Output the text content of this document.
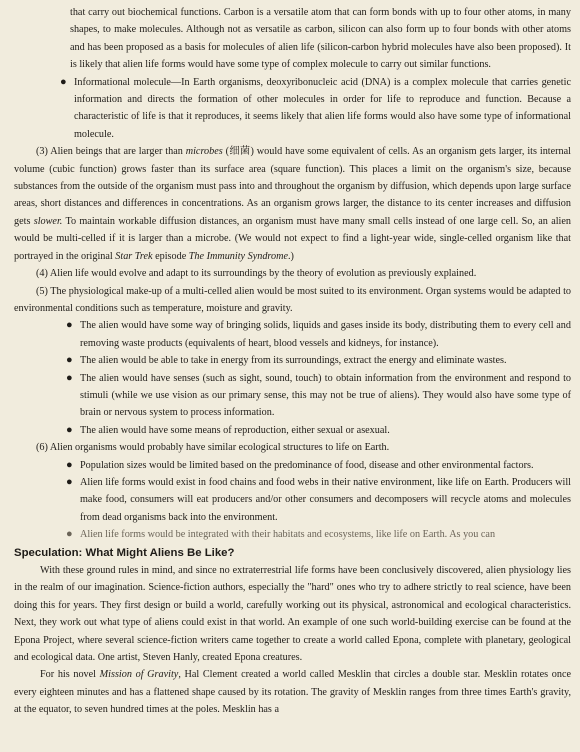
that carry out biochemical functions. Carbon is a versatile atom that can form bonds with up to four other atoms, in many shapes, to make molecules. Although not as versatile as carbon, silicon can also form up to four bonds with other atoms and has been proposed as a basis for molecules of alien life (silicon-carbon hybrid molecules have also been proposed). It is likely that alien life forms would have some type of complex molecule to carry out similar functions.

● Informational molecule—In Earth organisms, deoxyribonucleic acid (DNA) is a complex molecule that carries genetic information and directs the formation of other molecules in order for life to reproduce and function. Because a characteristic of life is that it reproduces, it seems likely that alien life forms would also have some type of informational molecule.

(3) Alien beings that are larger than microbes (细菌) would have some equivalent of cells. As an organism gets larger, its internal volume (cubic function) grows faster than its surface area (square function). This places a limit on the organism's size, because substances from the outside of the organism must pass into and throughout the organism by diffusion, which depends upon large surface areas, short distances and differences in concentrations. As an organism grows larger, the distance to its center increases and diffusion gets slower. To maintain workable diffusion distances, an organism must have many small cells instead of one large cell. So, an alien would be multi-celled if it is larger than a microbe. (We would not expect to find a light-year wide, single-celled organism like that portrayed in the original Star Trek episode The Immunity Syndrome.)

(4) Alien life would evolve and adapt to its surroundings by the theory of evolution as previously explained.

(5) The physiological make-up of a multi-celled alien would be most suited to its environment. Organ systems would be adapted to environmental conditions such as temperature, moisture and gravity.

● The alien would have some way of bringing solids, liquids and gases inside its body, distributing them to every cell and removing waste products (equivalents of heart, blood vessels and kidneys, for instance).

● The alien would be able to take in energy from its surroundings, extract the energy and eliminate wastes.

● The alien would have senses (such as sight, sound, touch) to obtain information from the environment and respond to stimuli (while we use vision as our primary sense, this may not be true of aliens). They would also have some type of brain or nervous system to process information.

● The alien would have some means of reproduction, either sexual or asexual.

(6) Alien organisms would probably have similar ecological structures to life on Earth.

● Population sizes would be limited based on the predominance of food, disease and other environmental factors.

● Alien life forms would exist in food chains and food webs in their native environment, like life on Earth. Producers will make food, consumers will eat producers and/or other consumers and decomposers will recycle atoms and molecules from dead organisms back into the environment.

● Alien life forms would be integrated with their habitats and ecosystems, like life on Earth. As you can

Speculation: What Might Aliens Be Like?

With these ground rules in mind, and since no extraterrestrial life forms have been conclusively discovered, alien physiology lies in the realm of our imagination. Science-fiction authors, especially the "hard" ones who try to adhere strictly to real science, have been doing this for years. They first design or build a world, carefully working out its physical, astronomical and ecological characteristics. Next, they work out what type of aliens could exist in that world. An example of one such world-building exercise can be found at the Epona Project, where several science-fiction writers came together to create a world called Epona, complete with planetary, geological and ecological data. One artist, Steven Hanly, created Epona creatures.

For his novel Mission of Gravity, Hal Clement created a world called Mesklin that circles a double star. Mesklin rotates once every eighteen minutes and has a flattened shape caused by its rotation. The gravity of Mesklin ranges from three times Earth's gravity, at the equator, to seven hundred times at the poles. Mesklin has a
